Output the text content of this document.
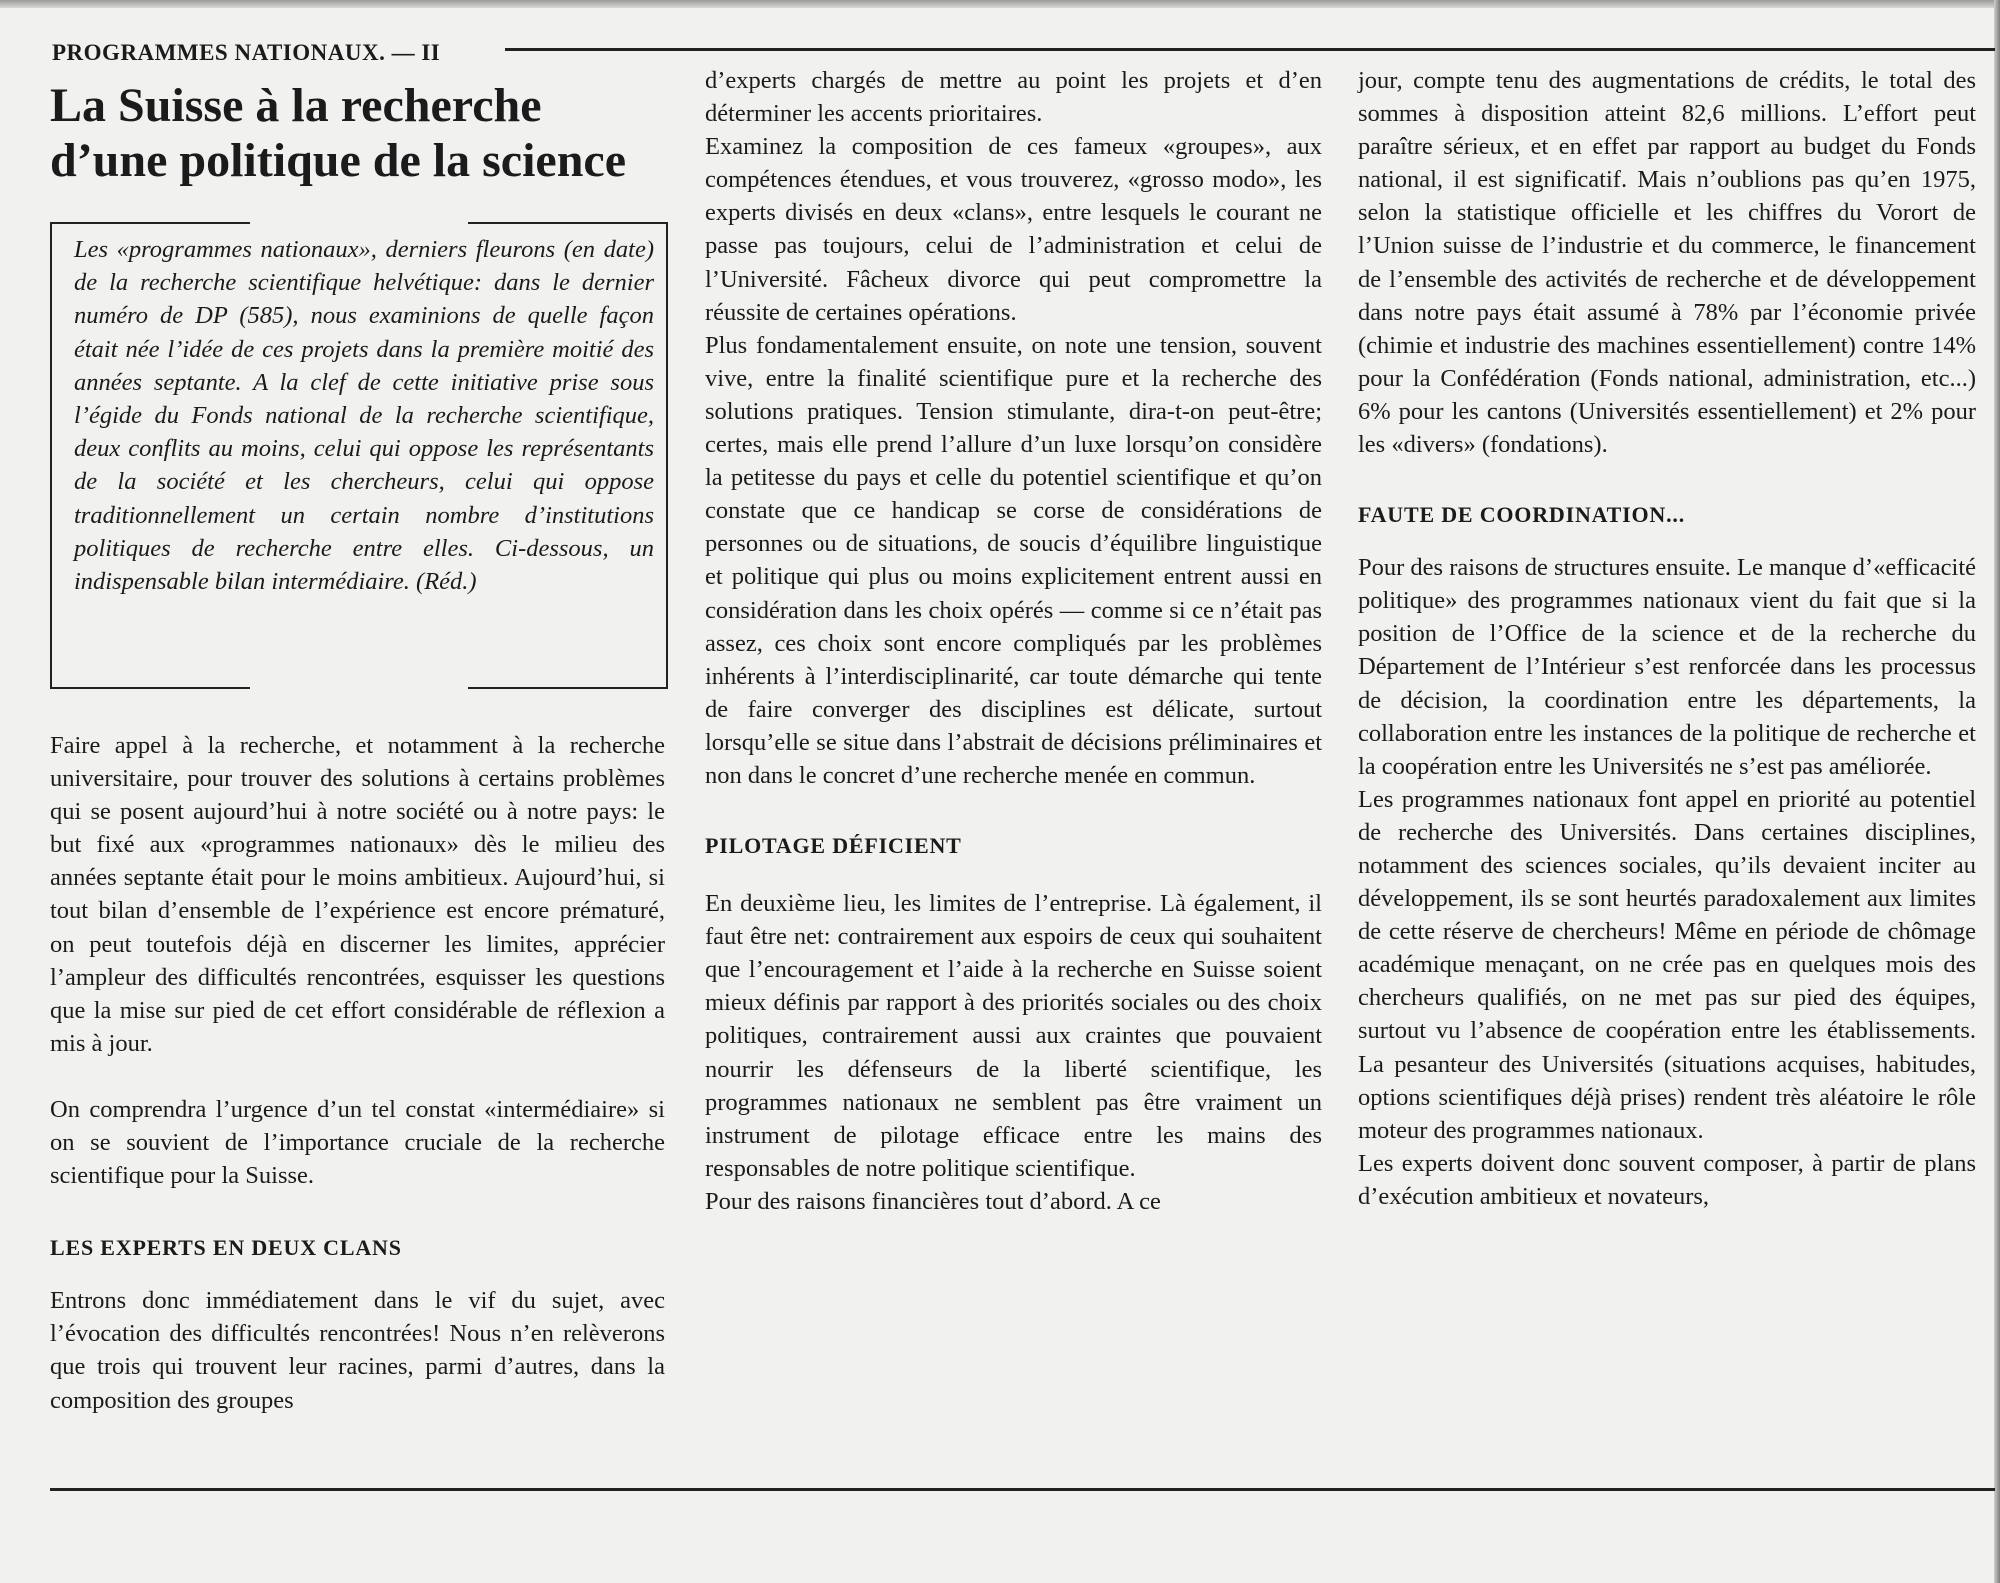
PROGRAMMES NATIONAUX. — II
La Suisse à la recherche
d’une politique de la science
Les «programmes nationaux», derniers fleurons (en date) de la recherche scientifique helvétique: dans le dernier numéro de DP (585), nous examinions de quelle façon était née l’idée de ces projets dans la première moitié des années septante. A la clef de cette initiative prise sous l’égide du Fonds national de la recherche scientifique, deux conflits au moins, celui qui oppose les représentants de la société et les chercheurs, celui qui oppose traditionnellement un certain nombre d’institutions politiques de recherche entre elles. Ci-dessous, un indispensable bilan intermédiaire. (Réd.)

Faire appel à la recherche, et notamment à la recherche universitaire, pour trouver des solutions à certains problèmes qui se posent aujourd’hui à notre société ou à notre pays: le but fixé aux «programmes nationaux» dès le milieu des années septante était pour le moins ambitieux. Aujourd’hui, si tout bilan d’ensemble de l’expérience est encore prématuré, on peut toutefois déjà en discerner les limites, apprécier l’ampleur des difficultés rencontrées, esquisser les questions que la mise sur pied de cet effort considérable de réflexion a mis à jour.

On comprendra l’urgence d’un tel constat «intermédiaire» si on se souvient de l’importance cruciale de la recherche scientifique pour la Suisse.

LES EXPERTS EN DEUX CLANS

Entrons donc immédiatement dans le vif du sujet, avec l’évocation des difficultés rencontrées! Nous n’en relèverons que trois qui trouvent leur racines, parmi d’autres, dans la composition des groupes

d’experts chargés de mettre au point les projets et d’en déterminer les accents prioritaires.

Examinez la composition de ces fameux «groupes», aux compétences étendues, et vous trouverez, «grosso modo», les experts divisés en deux «clans», entre lesquels le courant ne passe pas toujours, celui de l’administration et celui de l’Université. Fâcheux divorce qui peut compromettre la réussite de certaines opérations.

Plus fondamentalement ensuite, on note une tension, souvent vive, entre la finalité scientifique pure et la recherche des solutions pratiques. Tension stimulante, dira-t-on peut-être; certes, mais elle prend l’allure d’un luxe lorsqu’on considère la petitesse du pays et celle du potentiel scientifique et qu’on constate que ce handicap se corse de considérations de personnes ou de situations, de soucis d’équilibre linguistique et politique qui plus ou moins explicitement entrent aussi en considération dans les choix opérés — comme si ce n’était pas assez, ces choix sont encore compliqués par les problèmes inhérents à l’interdisciplinarité, car toute démarche qui tente de faire converger des disciplines est délicate, surtout lorsqu’elle se situe dans l’abstrait de décisions préliminaires et non dans le concret d’une recherche menée en commun.

PILOTAGE DÉFICIENT

En deuxième lieu, les limites de l’entreprise. Là également, il faut être net: contrairement aux espoirs de ceux qui souhaitent que l’encouragement et l’aide à la recherche en Suisse soient mieux définis par rapport à des priorités sociales ou des choix politiques, contrairement aussi aux craintes que pouvaient nourrir les défenseurs de la liberté scientifique, les programmes nationaux ne semblent pas être vraiment un instrument de pilotage efficace entre les mains des responsables de notre politique scientifique.

Pour des raisons financières tout d’abord. A ce

jour, compte tenu des augmentations de crédits, le total des sommes à disposition atteint 82,6 millions. L’effort peut paraître sérieux, et en effet par rapport au budget du Fonds national, il est significatif. Mais n’oublions pas qu’en 1975, selon la statistique officielle et les chiffres du Vorort de l’Union suisse de l’industrie et du commerce, le financement de l’ensemble des activités de recherche et de développement dans notre pays était assumé à 78% par l’économie privée (chimie et industrie des machines essentiellement) contre 14% pour la Confédération (Fonds national, administration, etc...) 6% pour les cantons (Universités essentiellement) et 2% pour les «divers» (fondations).

FAUTE DE COORDINATION...

Pour des raisons de structures ensuite. Le manque d’«efficacité politique» des programmes nationaux vient du fait que si la position de l’Office de la science et de la recherche du Département de l’Intérieur s’est renforcée dans les processus de décision, la coordination entre les départements, la collaboration entre les instances de la politique de recherche et la coopération entre les Universités ne s’est pas améliorée.

Les programmes nationaux font appel en priorité au potentiel de recherche des Universités. Dans certaines disciplines, notamment des sciences sociales, qu’ils devaient inciter au développement, ils se sont heurtés paradoxalement aux limites de cette réserve de chercheurs! Même en période de chômage académique menaçant, on ne crée pas en quelques mois des chercheurs qualifiés, on ne met pas sur pied des équipes, surtout vu l’absence de coopération entre les établissements. La pesanteur des Universités (situations acquises, habitudes, options scientifiques déjà prises) rendent très aléatoire le rôle moteur des programmes nationaux.

Les experts doivent donc souvent composer, à partir de plans d’exécution ambitieux et novateurs,
